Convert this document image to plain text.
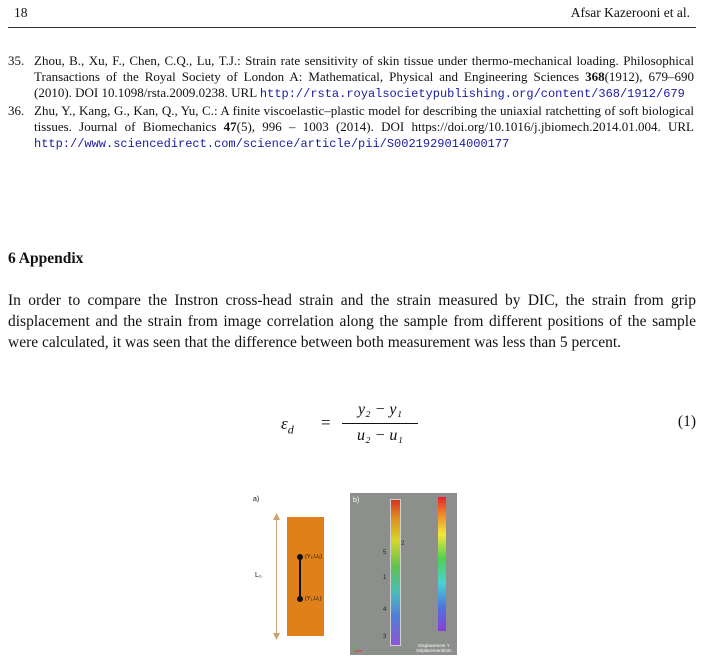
18	Afsar Kazerooni et al.
35. Zhou, B., Xu, F., Chen, C.Q., Lu, T.J.: Strain rate sensitivity of skin tissue under thermo-mechanical loading. Philosophical Transactions of the Royal Society of London A: Mathematical, Physical and Engineering Sciences 368(1912), 679–690 (2010). DOI 10.1098/rsta.2009.0238. URL http://rsta.royalsocietypublishing.org/content/368/1912/679
36. Zhu, Y., Kang, G., Kan, Q., Yu, C.: A finite viscoelastic–plastic model for describing the uniaxial ratchetting of soft biological tissues. Journal of Biomechanics 47(5), 996 – 1003 (2014). DOI https://doi.org/10.1016/j.jbiomech.2014.01.004. URL http://www.sciencedirect.com/science/article/pii/S0021929014000177
6 Appendix
In order to compare the Instron cross-head strain and the strain measured by DIC, the strain from grip displacement and the strain from image correlation along the sample from different positions of the sample were calculated, it was seen that the difference between both measurement was less than 5 percent.
$\varepsilon_d$ =
y₂ − y₁
u₂ − u₁
(1)
a)
L₀
(Y₂,U₂)
(Y₁,U₁)
b)
2
5
1
4
3
Displacement Y
Déplacement/mm
